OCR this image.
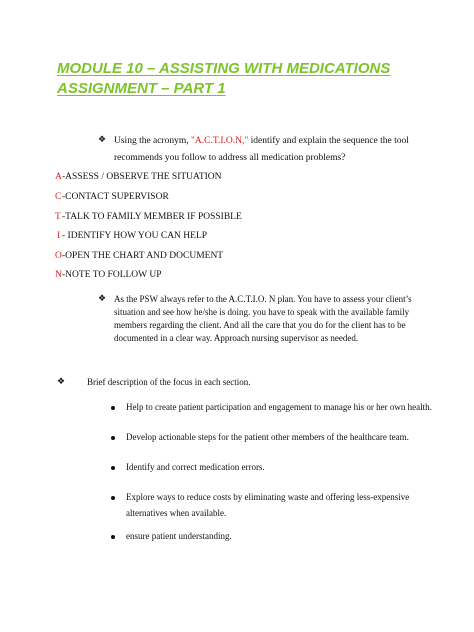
MODULE 10 – ASSISTING WITH MEDICATIONS
ASSIGNMENT – PART 1
❖ Using the acronym, "A.C.T.I.O.N," identify and explain the sequence the tool
recommends you follow to address all medication problems?
A -ASSESS / OBSERVE THE SITUATION
C -CONTACT SUPERVISOR
T -TALK TO FAMILY MEMBER IF POSSIBLE
I - IDENTIFY HOW YOU CAN HELP
O -OPEN THE CHART AND DOCUMENT
N -NOTE TO FOLLOW UP
❖ As the PSW always refer to the A.C.T.I.O. N plan. You have to assess your client’s
situation and see how he/she is doing. you have to speak with the available family
members regarding the client. And all the care that you do for the client has to be
documented in a clear way. Approach nursing supervisor as needed.
❖ Brief description of the focus in each section.
Help to create patient participation and engagement to manage his or her own health.
Develop actionable steps for the patient other members of the healthcare team.
Identify and correct medication errors.
Explore ways to reduce costs by eliminating waste and offering less-expensive
alternatives when available.
ensure patient understanding.
